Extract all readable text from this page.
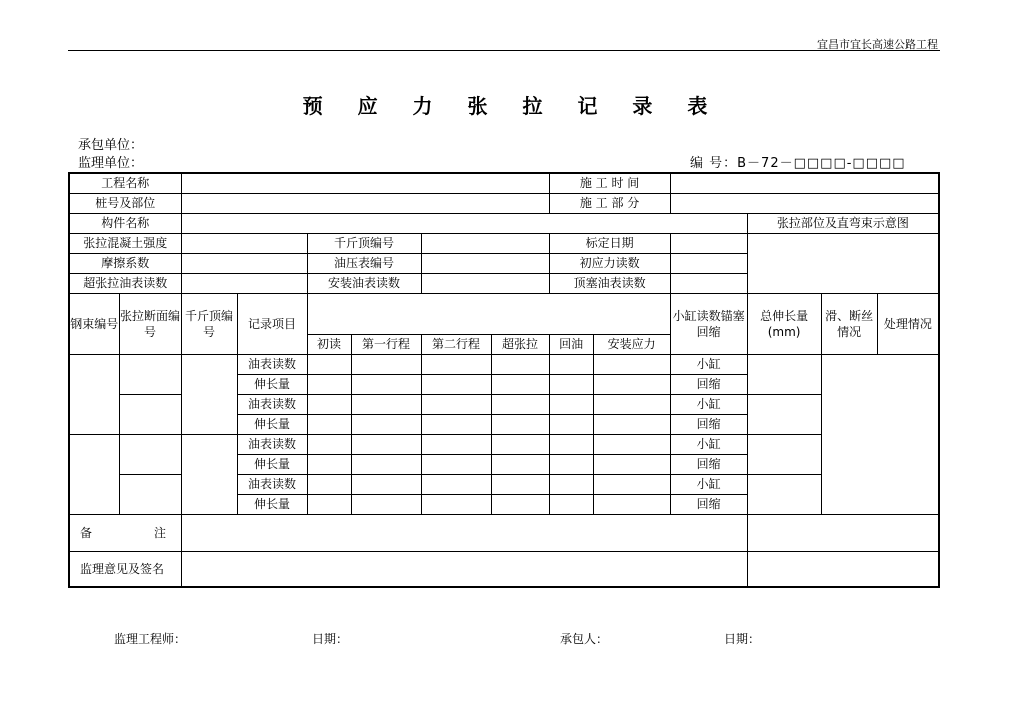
宜昌市宜长高速公路工程
预 应 力 张 拉 记 录 表
承包单位：
监理单位：	编 号：B－72－□□□□-□□□□
工程名称								施 工 时 间					
桩号及部位								施 工 部 分					
构件名称											张拉部位及直弯束示意图		
张拉混凝土强度				千斤顶编号				标定日期					
摩擦系数				油压表编号				初应力读数					
超张拉油表读数				安装油表读数				顶塞油表读数					
钢束编号	张拉断面编号	千斤顶编号	记录项目							小缸读数锚塞回缩	总伸长量(mm)	滑、断丝情况	处理情况
				初读	第一行程	第二行程	超张拉	回油	安装应力				
			油表读数							小缸			
			伸长量							回缩			
			油表读数							小缸			
			伸长量							回缩			
			油表读数							小缸			
			伸长量							回缩			
			油表读数							小缸			
			伸长量							回缩			
备 注													
监理意见及签名													
监理工程师：	日期：	承包人：	日期：
